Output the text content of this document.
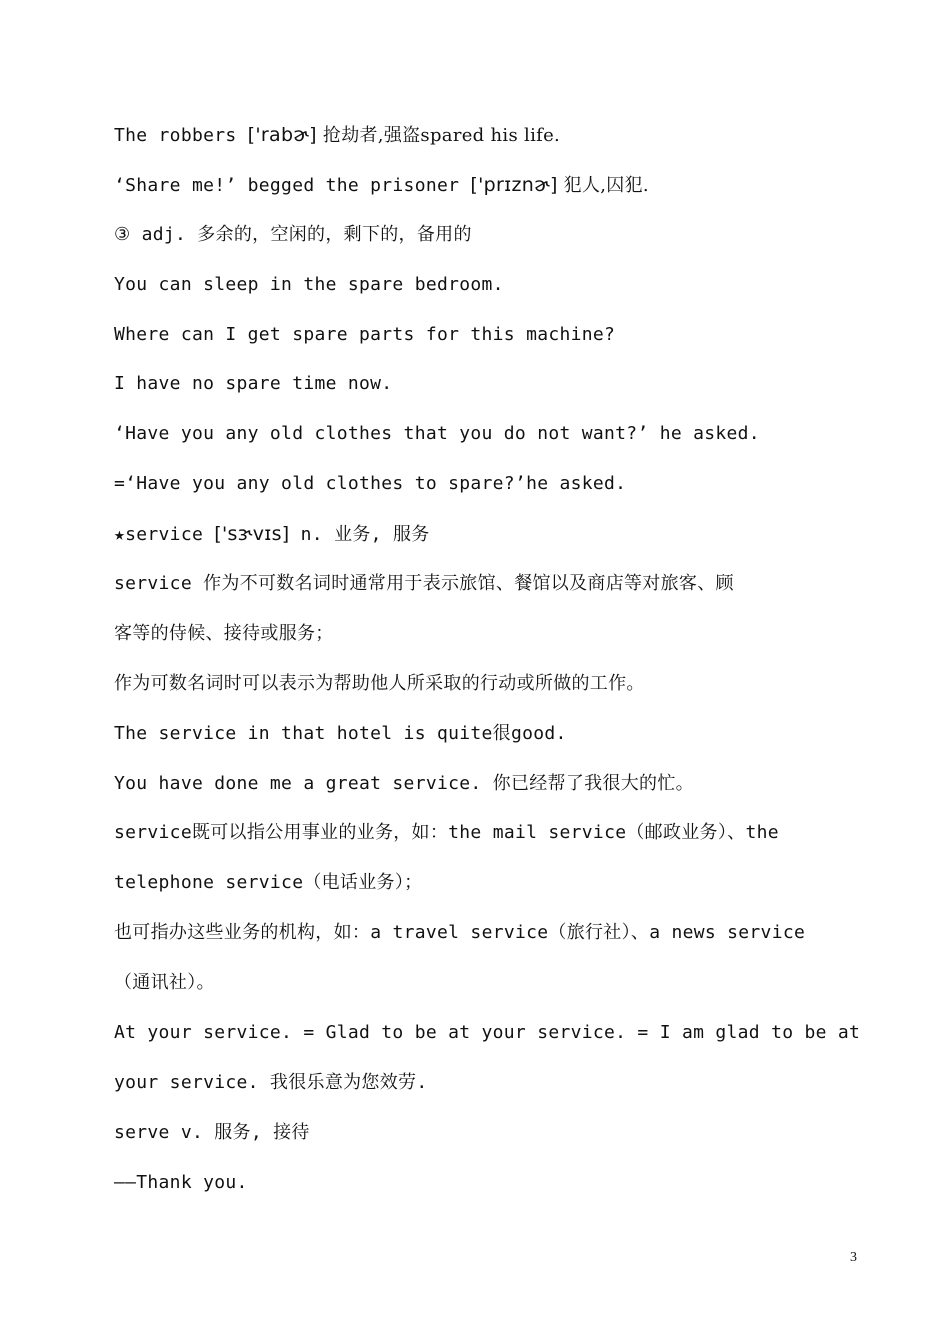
The robbers ['rabɚ] 抢劫者,强盗spared his life.
‘Share me!’ begged the prisoner ['prɪznɚ] 犯人,囚犯.
③ adj. 多余的，空闲的，剩下的，备用的
You can sleep in the spare bedroom.
Where can I get spare parts for this machine?
I have no spare time now.
‘Have you any old clothes that you do not want?’ he asked.
=‘Have you any old clothes to spare?’he asked.
★service ['sɝvɪs] n. 业务, 服务
service 作为不可数名词时通常用于表示旅馆、餐馆以及商店等对旅客、顾
客等的侍候、接待或服务；
作为可数名词时可以表示为帮助他人所采取的行动或所做的工作。
The service in that hotel is quite很good.
You have done me a great service. 你已经帮了我很大的忙。
service既可以指公用事业的业务，如：the mail service（邮政业务）、the
telephone service（电话业务）；
也可指办这些业务的机构，如：a travel service（旅行社）、a news service
（通讯社）。
At your service. = Glad to be at your service. = I am glad to be at
your service. 我很乐意为您效劳.
serve v. 服务, 接待
——Thank you.
3
